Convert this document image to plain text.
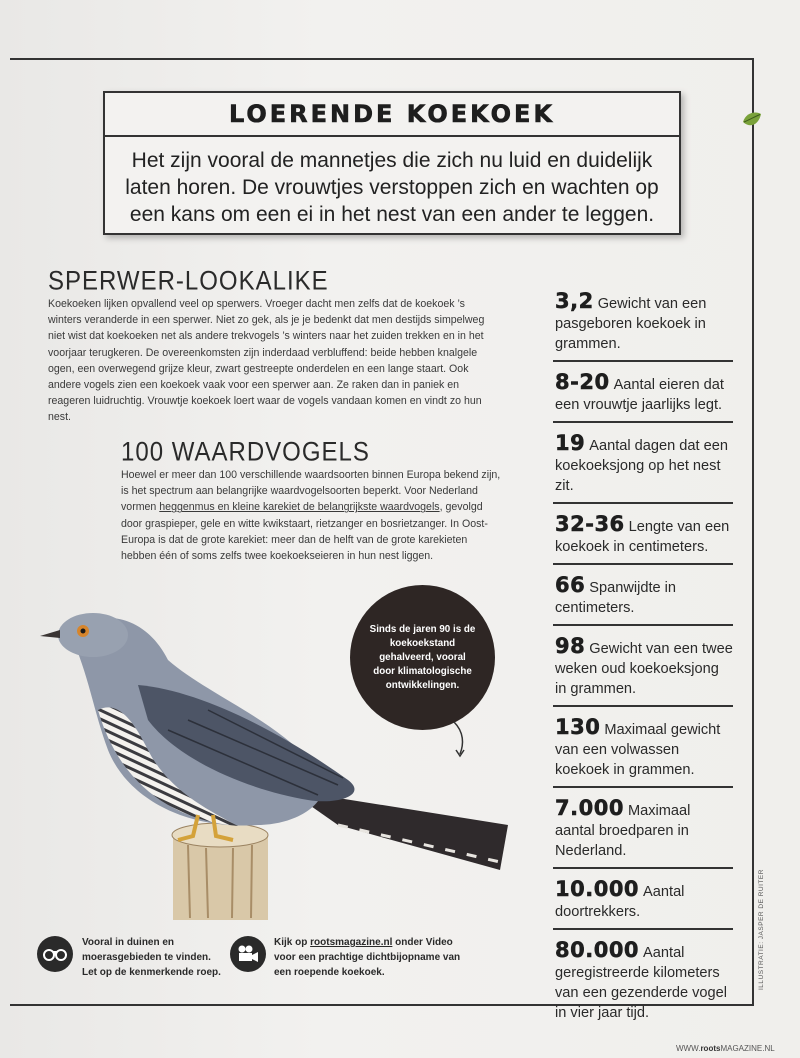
LOERENDE KOEKOEK
Het zijn vooral de mannetjes die zich nu luid en duidelijk laten horen. De vrouwtjes verstoppen zich en wachten op een kans om een ei in het nest van een ander te leggen.
SPERWER-LOOKALIKE
Koekoeken lijken opvallend veel op sperwers. Vroeger dacht men zelfs dat de koekoek ’s winters veranderde in een sperwer. Niet zo gek, als je je bedenkt dat men destijds simpelweg niet wist dat koekoeken net als andere trekvogels ’s winters naar het zuiden trekken en in het voorjaar terugkeren. De overeenkomsten zijn inderdaad verbluffend: beide hebben knalgele ogen, een overwegend grijze kleur, zwart gestreepte onderdelen en een lange staart. Ook andere vogels zien een koekoek vaak voor een sperwer aan. Ze raken dan in paniek en reageren luidruchtig. Vrouwtje koekoek loert waar de vogels vandaan komen en vindt zo hun nest.
100 WAARDVOGELS
Hoewel er meer dan 100 verschillende waardsoorten binnen Europa bekend zijn, is het spectrum aan belangrijke waardvogelsoorten beperkt. Voor Nederland vormen heggenmus en kleine karekiet de belangrijkste waardvogels, gevolgd door graspieper, gele en witte kwikstaart, rietzanger en bosrietzanger. In Oost-Europa is dat de grote karekiet: meer dan de helft van de grote karekieten hebben één of soms zelfs twee koekoekseieren in hun nest liggen.
3,2 Gewicht van een pasgeboren koekoek in grammen.
8-20 Aantal eieren dat een vrouwtje jaarlijks legt.
19 Aantal dagen dat een koekoeksjong op het nest zit.
32-36 Lengte van een koekoek in centimeters.
66 Spanwijdte in centimeters.
98 Gewicht van een twee weken oud koekoeksjong in grammen.
130 Maximaal gewicht van een volwassen koekoek in grammen.
7.000 Maximaal aantal broedparen in Nederland.
10.000 Aantal doortrekkers.
80.000 Aantal geregistreerde kilometers van een gezenderde vogel in vier jaar tijd.
Sinds de jaren 90 is de koekoekstand gehalveerd, vooral door klimatologische ontwikkelingen.
Vooral in duinen en moerasgebieden te vinden. Let op de kenmerkende roep.
Kijk op rootsmagazine.nl onder Video voor een prachtige dichtbijopname van een roepende koekoek.	ILLUSTRATIE: JASPER DE RUITER
WWW.rootsMAGAZINE.NL
